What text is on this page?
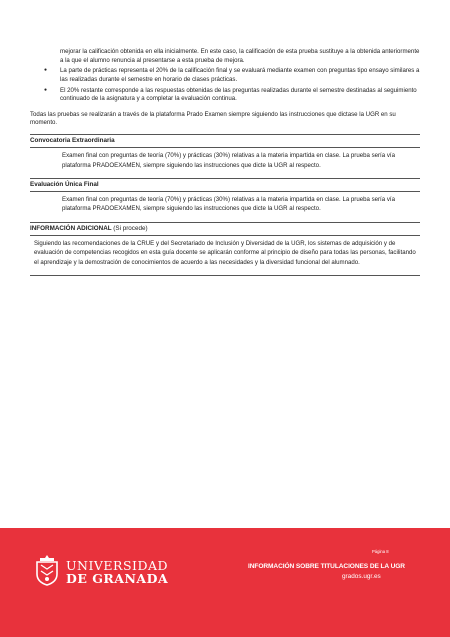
mejorar la calificación obtenida en ella inicialmente. En este caso, la calificación de esta prueba sustituye a la obtenida anteriormente a la que el alumno renuncia al presentarse a esta prueba de mejora.

● La parte de prácticas representa el 20% de la calificación final y se evaluará mediante examen con preguntas tipo ensayo similares a las realizadas durante el semestre en horario de clases prácticas.
● El 20% restante corresponde a las respuestas obtenidas de las preguntas realizadas durante el semestre destinadas al seguimiento continuado de la asignatura y a completar la evaluación continua.

Todas las pruebas se realizarán a través de la plataforma Prado Examen siempre siguiendo las instrucciones que dictase la UGR en su momento.

Convocatoria Extraordinaria
Examen final con preguntas de teoría (70%) y prácticas (30%) relativas a la materia impartida en clase. La prueba sería vía plataforma PRADOEXAMEN, siempre siguiendo las instrucciones que dicte la UGR al respecto.
Evaluación Única Final
Examen final con preguntas de teoría (70%) y prácticas (30%) relativas a la materia impartida en clase. La prueba sería vía plataforma PRADOEXAMEN, siempre siguiendo las instrucciones que dicte la UGR al respecto.
INFORMACIÓN ADICIONAL (Si procede)
Siguiendo las recomendaciones de la CRUE y del Secretariado de Inclusión y Diversidad de la UGR, los sistemas de adquisición y de evaluación de competencias recogidos en esta guía docente se aplicarán conforme al principio de diseño para todas las personas, facilitando el aprendizaje y la demostración de conocimientos de acuerdo a las necesidades y la diversidad funcional del alumnado.
Página 8
UNIVERSIDAD
DE GRANADA
INFORMACIÓN SOBRE TITULACIONES DE LA UGR
grados.ugr.es
